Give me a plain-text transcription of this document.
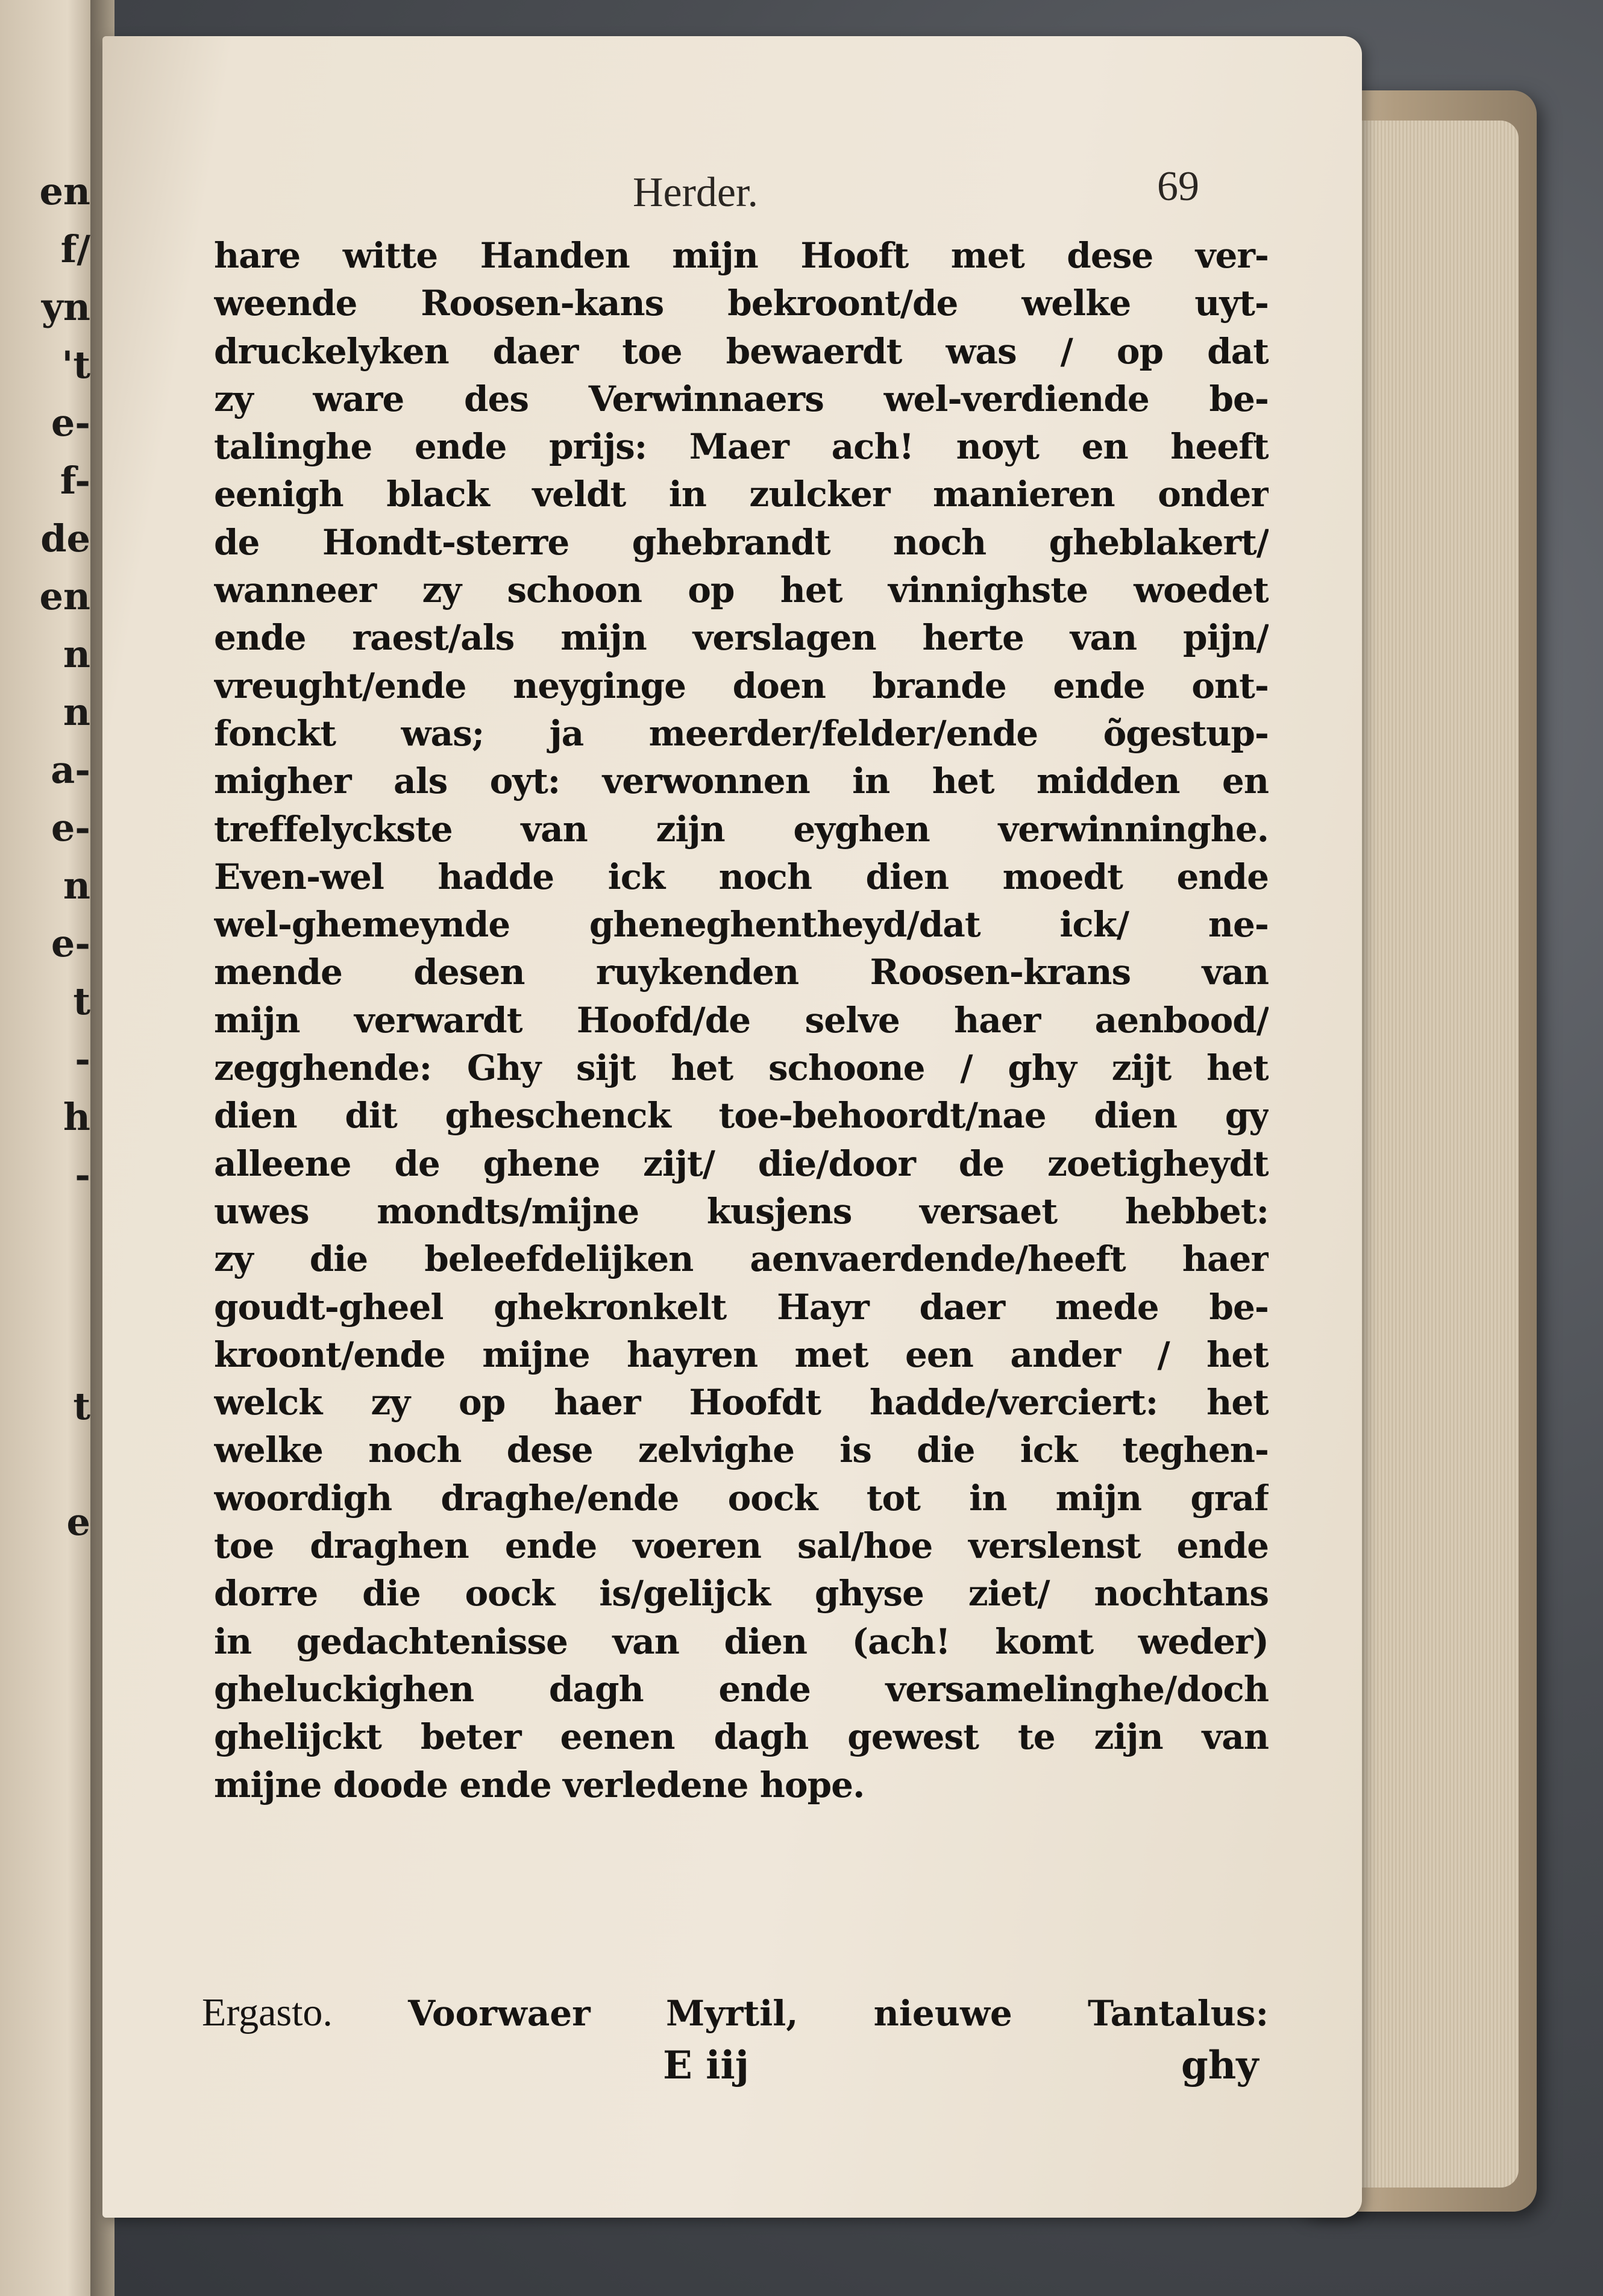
en
f/
yn
't
e-
f-
de
en
n
n
a-
e-
n
e-
t
-
h
-
t
e
Herder.	69
hare witte Handen mijn Hooft met dese ver-
weende Roosen-kans bekroont/de welke uyt-
druckelyken daer toe bewaerdt was / op dat
zy ware des Verwinnaers wel-verdiende be-
talinghe ende prijs: Maer ach! noyt en heeft
eenigh black veldt in zulcker manieren onder
de Hondt-sterre ghebrandt noch gheblakert/
wanneer zy schoon op het vinnighste woedet
ende raest/als mijn verslagen herte van pijn/
vreught/ende neyginge doen brande ende ont-
fonckt was; ja meerder/felder/ende õgestup-
migher als oyt: verwonnen in het midden en
treffelyckste van zijn eyghen verwinninghe.
Even-wel hadde ick noch dien moedt ende
wel-ghemeynde gheneghentheyd/dat ick/ ne-
mende desen ruykenden Roosen-krans van
mijn verwardt Hoofd/de selve haer aenbood/
zegghende: Ghy sijt het schoone / ghy zijt het
dien dit gheschenck toe-behoordt/nae dien gy
alleene de ghene zijt/ die/door de zoetigheydt
uwes mondts/mijne kusjens versaet hebbet:
zy die beleefdelijken aenvaerdende/heeft haer
goudt-gheel ghekronkelt Hayr daer mede be-
kroont/ende mijne hayren met een ander / het
welck zy op haer Hoofdt hadde/verciert: het
welke noch dese zelvighe is die ick teghen-
woordigh draghe/ende oock tot in mijn graf
toe draghen ende voeren sal/hoe verslenst ende
dorre die oock is/gelijck ghyse ziet/ nochtans
in gedachtenisse van dien (ach! komt weder)
gheluckighen dagh ende versamelinghe/doch
ghelijckt beter eenen dagh gewest te zijn van
mijne doode ende verledene hope.
Ergasto. Voorwaer Myrtil, nieuwe Tantalus:
E iij	ghy
